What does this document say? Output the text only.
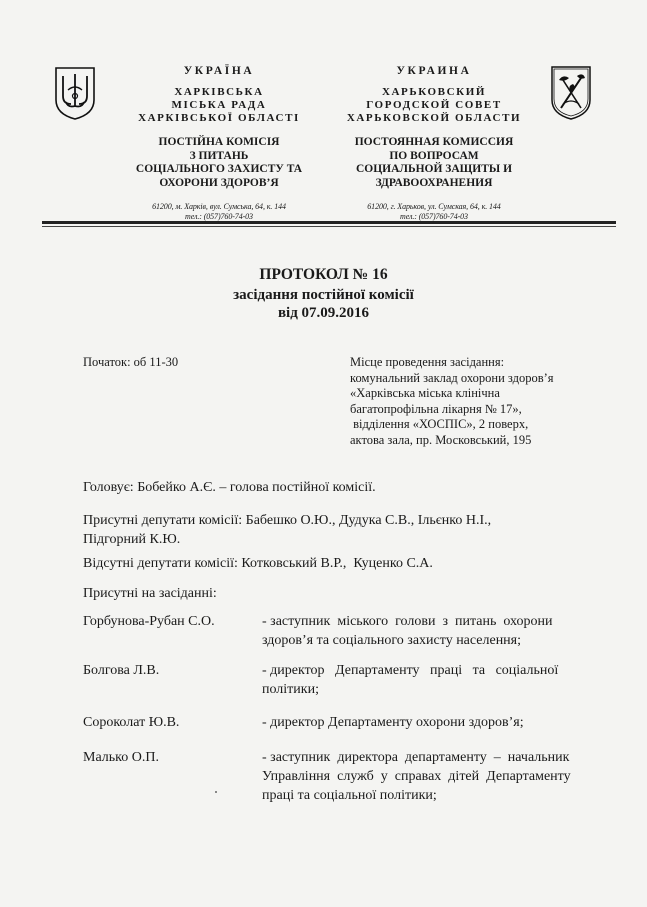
УКРАЇНА
ХАРКІВСЬКА
МІСЬКА РАДА
ХАРКІВСЬКОЇ ОБЛАСТІ
ПОСТІЙНА КОМІСІЯ
З ПИТАНЬ
СОЦІАЛЬНОГО ЗАХИСТУ ТА
ОХОРОНИ ЗДОРОВ’Я
61200, м. Харків, вул. Сумська, 64, к. 144
тел.: (057)760-74-03
УКРАИНА
ХАРЬКОВСКИЙ
ГОРОДСКОЙ СОВЕТ
ХАРЬКОВСКОЙ ОБЛАСТИ
ПОСТОЯННАЯ КОМИССИЯ
ПО ВОПРОСАМ
СОЦИАЛЬНОЙ ЗАЩИТЫ И
ЗДРАВООХРАНЕНИЯ
61200, г. Харьков, ул. Сумская, 64, к. 144
тел.: (057)760-74-03
ПРОТОКОЛ № 16
засідання постійної комісії
від 07.09.2016
Початок: об 11-30	Місце проведення засідання:
комунальний заклад охорони здоров’я
«Харківська міська клінічна
багатопрофільна лікарня № 17»,
відділення «ХОСПІС», 2 поверх,
актова зала, пр. Московський, 195
Головує: Бобейко А.Є. – голова постійної комісії.
Присутні депутати комісії: Бабешко О.Ю., Дудука С.В., Ільєнко Н.І.,
Підгорний К.Ю.
Відсутні депутати комісії: Котковський В.Р.,  Куценко С.А.
Присутні на засіданні:
Горбунова-Рубан С.О.	- заступник  міського  голови  з  питань  охорони
здоров’я та соціального захисту населення;
Болгова Л.В.	- директор   Департаменту   праці   та   соціальної
політики;
Сороколат Ю.В.	- директор Департаменту охорони здоров’я;
Малько О.П.	- заступник  директора  департаменту  –  начальник
Управління  служб  у  справах  дітей  Департаменту
праці та соціальної політики;
